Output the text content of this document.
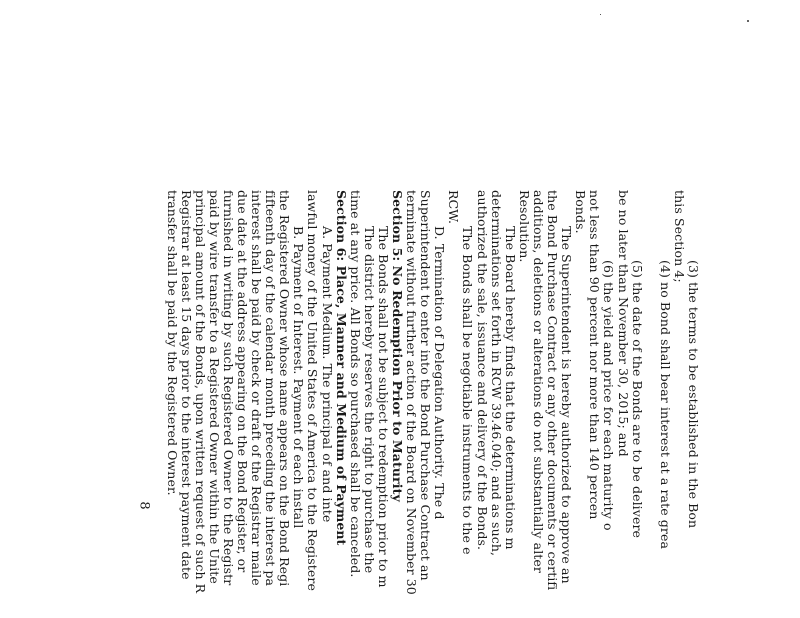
(3) the terms to be established in the Bon
this Section 4;
(4) no Bond shall bear interest at a rate grea
(5) the date of the Bonds are to be delivere
be no later than November 30, 2015; and
(6) the yield and price for each maturity o
not less than 90 percent nor more than 140 percen
Bonds.
The Superintendent is hereby authorized to approve an
the Bond Purchase Contract or any other documents or certifi
additions, deletions or alterations do not substantially alter
Resolution.
The Board hereby finds that the determinations m
determinations set forth in RCW 39.46.040; and as such,
authorized the sale, issuance and delivery of the Bonds.
The Bonds shall be negotiable instruments to the e
RCW.
D. Termination of Delegation Authority. The d
Superintendent to enter into the Bond Purchase Contract an
terminate without further action of the Board on November 30
Section 5: No Redemption Prior to Maturity
The Bonds shall not be subject to redemption prior to m
The district hereby reserves the right to purchase the
time at any price. All Bonds so purchased shall be canceled.
Section 6: Place, Manner and Medium of Payment
A. Payment Medium. The principal of and inte
lawful money of the United States of America to the Registere
B. Payment of Interest. Payment of each install
the Registered Owner whose name appears on the Bond Regi
fifteenth day of the calendar month preceding the interest pa
interest shall be paid by check or draft of the Registrar maile
due date at the address appearing on the Bond Register, or
furnished in writing by such Registered Owner to the Registr
paid by wire transfer to a Registered Owner within the Unite
principal amount of the Bonds, upon written request of such R
Registrar at least 15 days prior to the interest payment date
transfer shall be paid by the Registered Owner.
8
